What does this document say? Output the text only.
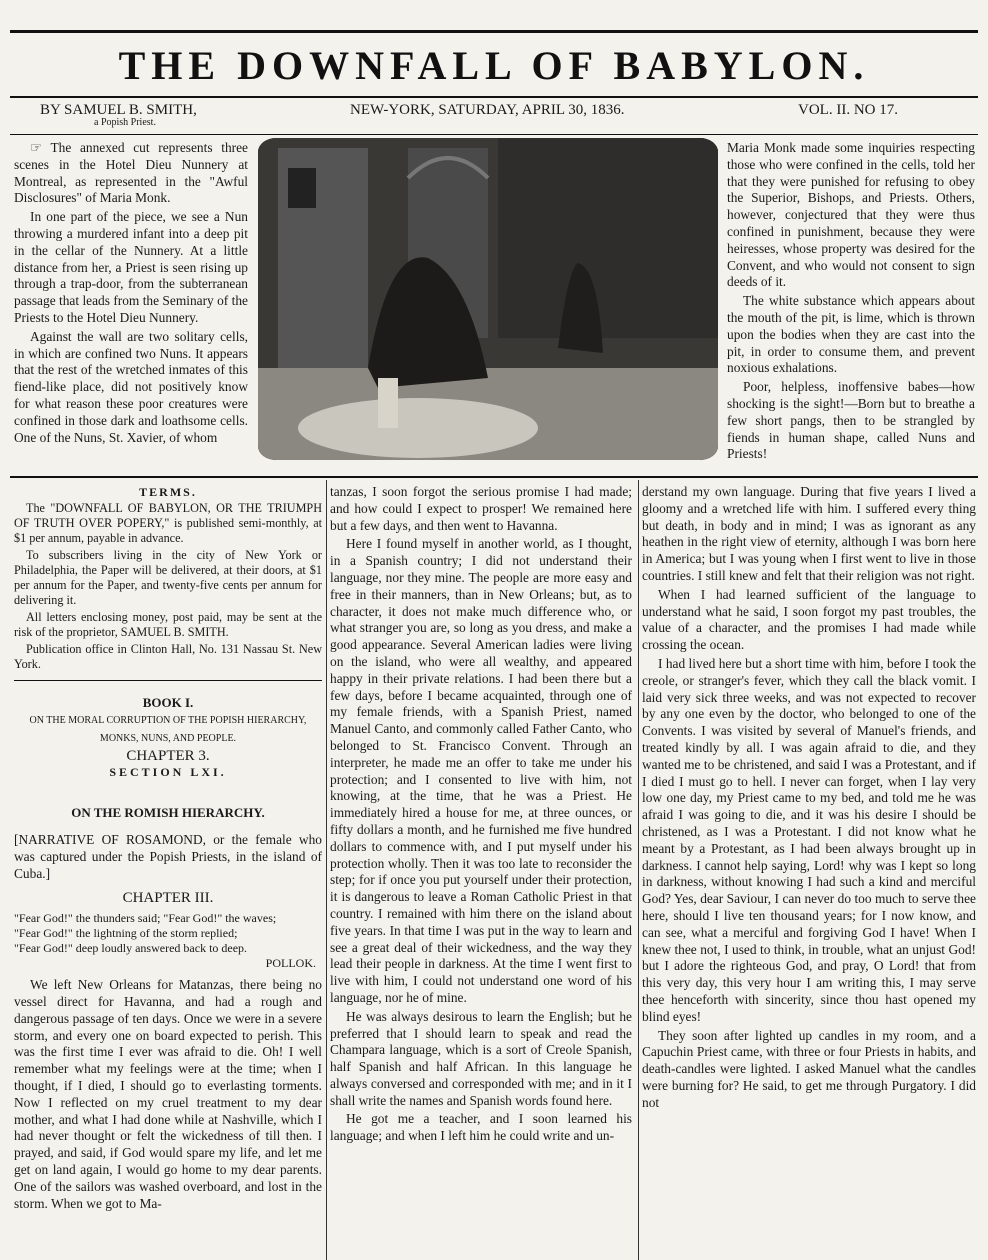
THE DOWNFALL OF BABYLON.
BY SAMUEL B. SMITH,
a Popish Priest.
NEW-YORK, SATURDAY, APRIL 30, 1836.	VOL. II. NO 17.

☞ The annexed cut represents three scenes in the Hotel Dieu Nunnery at Montreal, as represented in the "Awful Disclosures" of Maria Monk.

In one part of the piece, we see a Nun throwing a murdered infant into a deep pit in the cellar of the Nunnery. At a little distance from her, a Priest is seen rising up through a trap-door, from the subterranean passage that leads from the Seminary of the Priests to the Hotel Dieu Nunnery.

Against the wall are two solitary cells, in which are confined two Nuns. It appears that the rest of the wretched inmates of this fiend-like place, did not positively know for what reason these poor creatures were confined in those dark and loathsome cells. One of the Nuns, St. Xavier, of whom

Maria Monk made some inquiries respecting those who were confined in the cells, told her that they were punished for refusing to obey the Superior, Bishops, and Priests. Others, however, conjectured that they were thus confined in punishment, because they were heiresses, whose property was desired for the Convent, and who would not consent to sign deeds of it.

The white substance which appears about the mouth of the pit, is lime, which is thrown upon the bodies when they are cast into the pit, in order to consume them, and prevent noxious exhalations.

Poor, helpless, inoffensive babes—how shocking is the sight!—Born but to breathe a few short pangs, then to be strangled by fiends in human shape, called Nuns and Priests!

TERMS.

The "DOWNFALL OF BABYLON, OR THE TRIUMPH OF TRUTH OVER POPERY," is published semi-monthly, at $1 per annum, payable in advance.

To subscribers living in the city of New York or Philadelphia, the Paper will be delivered, at their doors, at $1 per annum for the Paper, and twenty-five cents per annum for delivering it.

All letters enclosing money, post paid, may be sent at the risk of the proprietor, SAMUEL B. SMITH.

Publication office in Clinton Hall, No. 131 Nassau St. New York.

BOOK I.
ON THE MORAL CORRUPTION OF THE POPISH HIERARCHY, MONKS, NUNS, AND PEOPLE.
CHAPTER 3.
SECTION LXI.
ON THE ROMISH HIERARCHY.

[NARRATIVE OF ROSAMOND, or the female who was captured under the Popish Priests, in the island of Cuba.]

CHAPTER III.
"Fear God!" the thunders said; "Fear God!" the waves;
"Fear God!" the lightning of the storm replied;
"Fear God!" deep loudly answered back to deep.
POLLOK.

We left New Orleans for Matanzas, there being no vessel direct for Havanna, and had a rough and dangerous passage of ten days. Once we were in a severe storm, and every one on board expected to perish. This was the first time I ever was afraid to die. Oh! I well remember what my feelings were at the time; when I thought, if I died, I should go to everlasting torments. Now I reflected on my cruel treatment to my dear mother, and what I had done while at Nashville, which I had never thought or felt the wickedness of till then. I prayed, and said, if God would spare my life, and let me get on land again, I would go home to my dear parents. One of the sailors was washed overboard, and lost in the storm. When we got to Ma-

tanzas, I soon forgot the serious promise I had made; and how could I expect to prosper! We remained here but a few days, and then went to Havanna.

Here I found myself in another world, as I thought, in a Spanish country; I did not understand their language, nor they mine. The people are more easy and free in their manners, than in New Orleans; but, as to character, it does not make much difference who, or what stranger you are, so long as you dress, and make a good appearance. Several American ladies were living on the island, who were all wealthy, and appeared happy in their private relations. I had been there but a few days, before I became acquainted, through one of my female friends, with a Spanish Priest, named Manuel Canto, and commonly called Father Canto, who belonged to St. Francisco Convent. Through an interpreter, he made me an offer to take me under his protection; and I consented to live with him, not knowing, at the time, that he was a Priest. He immediately hired a house for me, at three ounces, or fifty dollars a month, and he furnished me five hundred dollars to commence with, and I put myself under his protection wholly. Then it was too late to reconsider the step; for if once you put yourself under their protection, it is dangerous to leave a Roman Catholic Priest in that country. I remained with him there on the island about five years. In that time I was put in the way to learn and see a great deal of their wickedness, and the way they lead their people in darkness. At the time I went first to live with him, I could not understand one word of his language, nor he of mine.

He was always desirous to learn the English; but he preferred that I should learn to speak and read the Champara language, which is a sort of Creole Spanish, half Spanish and half African. In this language he always conversed and corresponded with me; and in it I shall write the names and Spanish words found here.

He got me a teacher, and I soon learned his language; and when I left him he could write and un-

derstand my own language. During that five years I lived a gloomy and a wretched life with him. I suffered every thing but death, in body and in mind; I was as ignorant as any heathen in the right view of eternity, although I was born here in America; but I was young when I first went to live in those countries. I still knew and felt that their religion was not right.

When I had learned sufficient of the language to understand what he said, I soon forgot my past troubles, the value of a character, and the promises I had made while crossing the ocean.

I had lived here but a short time with him, before I took the creole, or stranger's fever, which they call the black vomit. I laid very sick three weeks, and was not expected to recover by any one even by the doctor, who belonged to one of the Convents. I was visited by several of Manuel's friends, and treated kindly by all. I was again afraid to die, and they wanted me to be christened, and said I was a Protestant, and if I died I must go to hell. I never can forget, when I lay very low one day, my Priest came to my bed, and told me he was afraid I was going to die, and it was his desire I should be christened, as I was a Protestant. I did not know what he meant by a Protestant, as I had been always brought up in darkness. I cannot help saying, Lord! why was I kept so long in darkness, without knowing I had such a kind and merciful God? Yes, dear Saviour, I can never do too much to serve thee here, should I live ten thousand years; for I now know, and can see, what a merciful and forgiving God I have! When I knew thee not, I used to think, in trouble, what an unjust God! but I adore the righteous God, and pray, O Lord! that from this very day, this very hour I am writing this, I may serve thee henceforth with sincerity, since thou hast opened my blind eyes!

They soon after lighted up candles in my room, and a Capuchin Priest came, with three or four Priests in habits, and death-candles were lighted. I asked Manuel what the candles were burning for? He said, to get me through Purgatory. I did not
